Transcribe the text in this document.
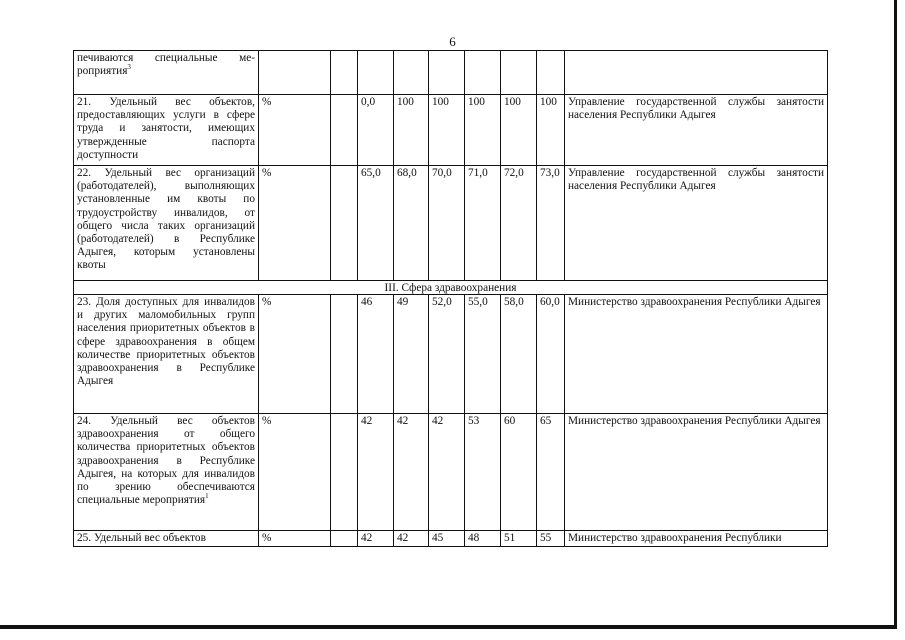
6
печиваются специальные мероприятия$^3$									
21. Удельный вес объектов, предоставляющих услуги в сфере труда и занятости, имеющих утвержденные паспорта доступности	%		0,0	100	100	100	100	100	Управление государственной службы занятости населения Республики Адыгея
22. Удельный вес организаций (работодателей), выполняющих установленные им квоты по трудоустройству инвалидов, от общего числа таких организаций (работодателей) в Республике Адыгея, которым установлены квоты	%		65,0	68,0	70,0	71,0	72,0	73,0	Управление государственной службы занятости населения Республики Адыгея
III. Сфера здравоохранения									
23. Доля доступных для инвалидов и других маломобильных групп населения приоритетных объектов в сфере здравоохранения в общем количестве приоритетных объектов здравоохранения в Республике Адыгея	%		46	49	52,0	55,0	58,0	60,0	Министерство здравоохранения Республики Адыгея
24. Удельный вес объектов здравоохранения от общего количества приоритетных объектов здравоохранения в Республике Адыгея, на которых для инвалидов по зрению обеспечиваются специальные мероприятия$^1$	%		42	42	42	53	60	65	Министерство здравоохранения Республики Адыгея
25. Удельный вес объектов	%		42	42	45	48	51	55	Министерство здравоохранения Республики
